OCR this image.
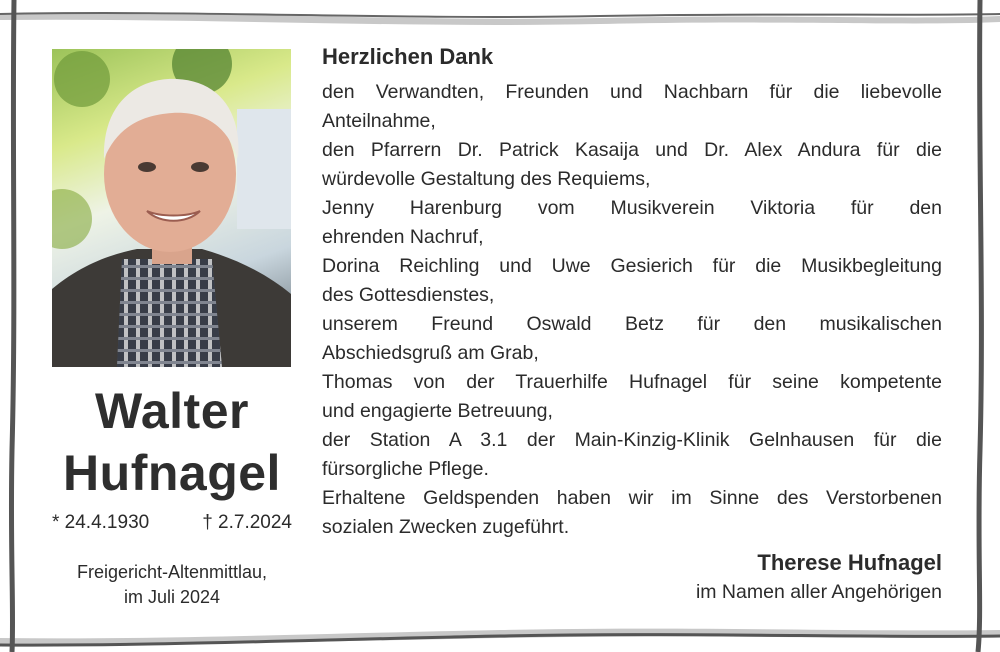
Walter
Hufnagel
* 24.4.1930	† 2.7.2024
Freigericht-Altenmittlau,
im Juli 2024
Herzlichen Dank
den Verwandten, Freunden und Nachbarn für die liebevolle
Anteilnahme,
den Pfarrern Dr. Patrick Kasaija und Dr. Alex Andura für die
würdevolle Gestaltung des Requiems,
Jenny Harenburg vom Musikverein Viktoria für den
ehrenden Nachruf,
Dorina Reichling und Uwe Gesierich für die Musikbegleitung
des Gottesdienstes,
unserem Freund Oswald Betz für den musikalischen
Abschiedsgruß am Grab,
Thomas von der Trauerhilfe Hufnagel für seine kompetente
und engagierte Betreuung,
der Station A 3.1 der Main-Kinzig-Klinik Gelnhausen für die
fürsorgliche Pflege.
Erhaltene Geldspenden haben wir im Sinne des Verstorbenen
sozialen Zwecken zugeführt.
Therese Hufnagel
im Namen aller Angehörigen
